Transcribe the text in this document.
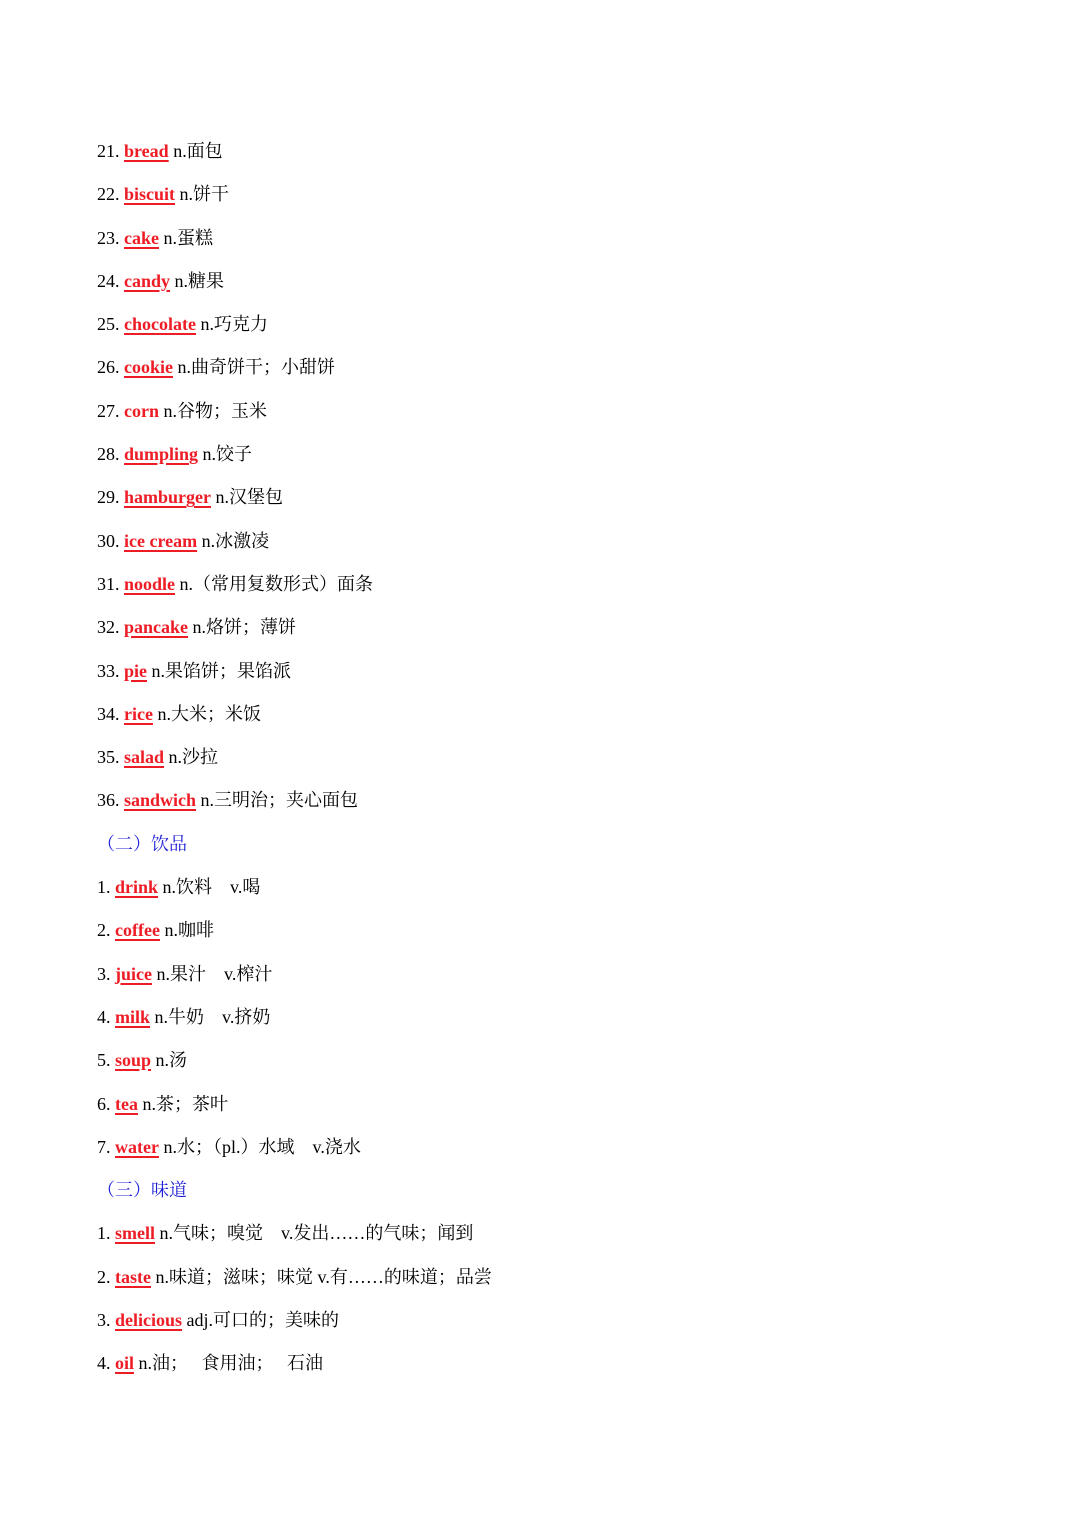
21. bread n.面包
22. biscuit n.饼干
23. cake n.蛋糕
24. candy n.糖果
25. chocolate n.巧克力
26. cookie n.曲奇饼干；小甜饼
27. corn n.谷物；玉米
28. dumpling n.饺子
29. hamburger n.汉堡包
30. ice cream n.冰激凌
31. noodle n.（常用复数形式）面条
32. pancake n.烙饼；薄饼
33. pie n.果馅饼；果馅派
34. rice n.大米；米饭
35. salad n.沙拉
36. sandwich n.三明治；夹心面包
（二）饮品
1. drink n.饮料    v.喝
2. coffee n.咖啡
3. juice n.果汁    v.榨汁
4. milk n.牛奶    v.挤奶
5. soup n.汤
6. tea n.茶；茶叶
7. water n.水；（pl.）水域    v.浇水
（三）味道
1. smell n.气味；嗅觉    v.发出……的气味；闻到
2. taste n.味道；滋味；味觉 v.有……的味道；品尝
3. delicious adj.可口的；美味的
4. oil n.油；   食用油；   石油
